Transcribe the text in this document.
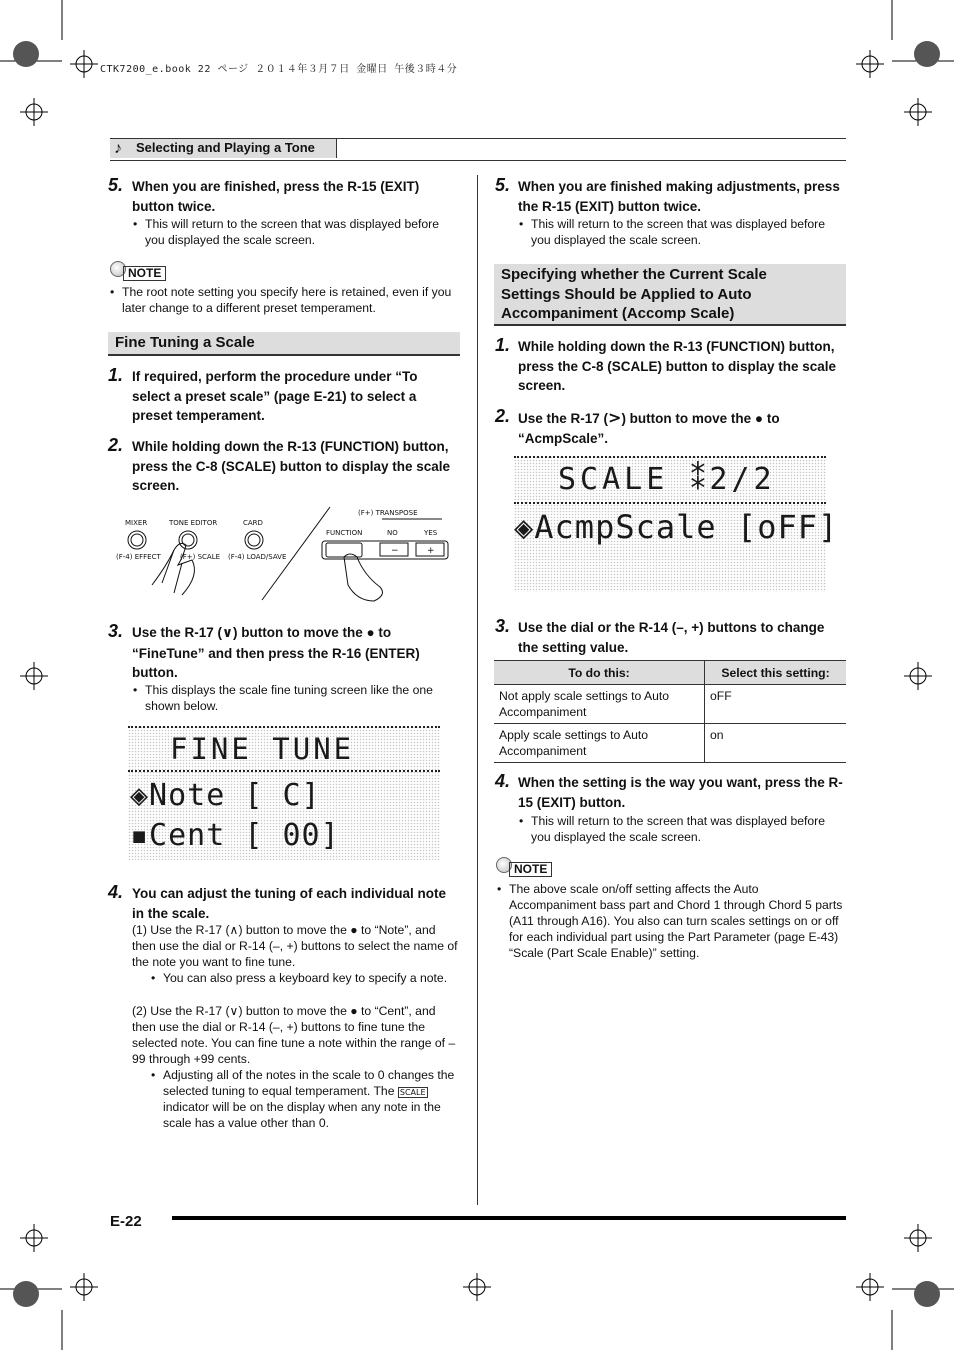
CTK7200_e.book 22 ページ ２０１４年３月７日 金曜日 午後３時４分
♪ Selecting and Playing a Tone
5. When you are finished, press the R-15 (EXIT) button twice.
• This will return to the screen that was displayed before you displayed the scale screen.
NOTE
• The root note setting you specify here is retained, even if you later change to a different preset temperament.
Fine Tuning a Scale
1. If required, perform the procedure under “To select a preset scale” (page E-21) to select a preset temperament.
2. While holding down the R-13 (FUNCTION) button, press the C-8 (SCALE) button to display the scale screen.
MIXER	TONE EDITOR	CARD
(F-4) EFFECT	(F+) SCALE (F-4) LOAD/SAVE
(F+) TRANSPOSE
FUNCTION	NO	YES
−	+
3. Use the R-17 (∨) button to move the ● to “FineTune” and then press the R-16 (ENTER) button.
• This displays the scale fine tuning screen like the one shown below.
FINE TUNE
◈Note [ C]
▪Cent [ 00]
4. You can adjust the tuning of each individual note in the scale.
(1) Use the R-17 (∧) button to move the ● to “Note”, and then use the dial or R-14 (–, +) buttons to select the name of the note you want to fine tune.
• You can also press a keyboard key to specify a note.
(2) Use the R-17 (∨) button to move the ● to “Cent”, and then use the dial or R-14 (–, +) buttons to fine tune the selected note. You can fine tune a note within the range of –99 through +99 cents.
• Adjusting all of the notes in the scale to 0 changes the selected tuning to equal temperament. The SCALE indicator will be on the display when any note in the scale has a value other than 0.
5. When you are finished making adjustments, press the R-15 (EXIT) button twice.
• This will return to the screen that was displayed before you displayed the scale screen.
Specifying whether the Current Scale Settings Should be Applied to Auto Accompaniment (Accomp Scale)
1. While holding down the R-13 (FUNCTION) button, press the C-8 (SCALE) button to display the scale screen.
2. Use the R-17 (>) button to move the ● to “AcmpScale”.
SCALE ⁑2/2
◈AcmpScale [oFF]
3. Use the dial or the R-14 (–, +) buttons to change the setting value.
To do this:	Select this setting:
Not apply scale settings to Auto Accompaniment	oFF
Apply scale settings to Auto Accompaniment	on
4. When the setting is the way you want, press the R-15 (EXIT) button.
• This will return to the screen that was displayed before you displayed the scale screen.
NOTE
• The above scale on/off setting affects the Auto Accompaniment bass part and Chord 1 through Chord 5 parts (A11 through A16). You also can turn scales settings on or off for each individual part using the Part Parameter (page E-43) “Scale (Part Scale Enable)” setting.
E-22
